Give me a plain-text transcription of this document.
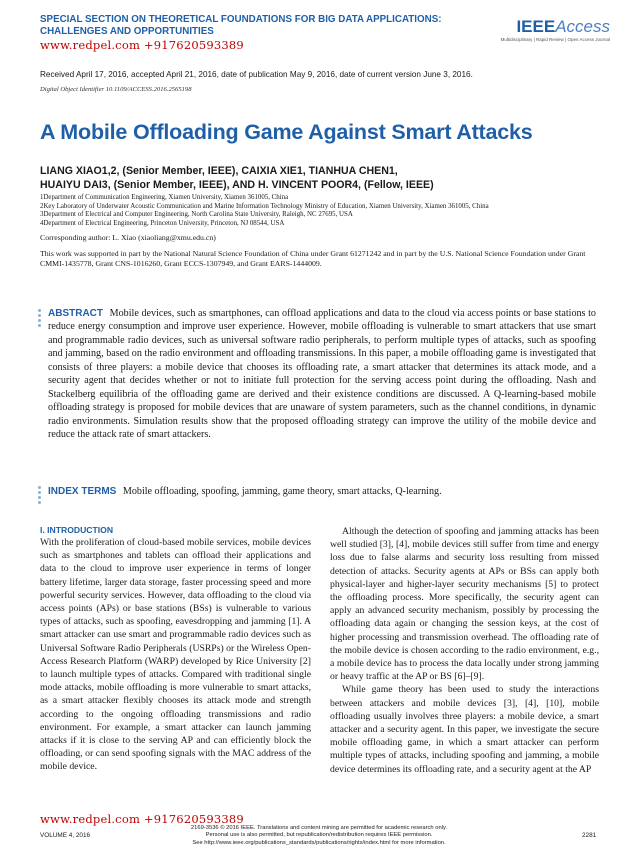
SPECIAL SECTION ON THEORETICAL FOUNDATIONS FOR BIG DATA APPLICATIONS:
CHALLENGES AND OPPORTUNITIES
www.redpel.com +917620593389
IEEEAccess
Multidisciplinary | Rapid Review | Open Access Journal
Received April 17, 2016, accepted April 21, 2016, date of publication May 9, 2016, date of current version June 3, 2016.
Digital Object Identifier 10.1109/ACCESS.2016.2565198
A Mobile Offloading Game Against Smart Attacks
LIANG XIAO1,2, (Senior Member, IEEE), CAIXIA XIE1, TIANHUA CHEN1,
HUAIYU DAI3, (Senior Member, IEEE), AND H. VINCENT POOR4, (Fellow, IEEE)
1Department of Communication Engineering, Xiamen University, Xiamen 361005, China
2Key Laboratory of Underwater Acoustic Communication and Marine Information Technology Ministry of Education, Xiamen University, Xiamen 361005, China
3Department of Electrical and Computer Engineering, North Carolina State University, Raleigh, NC 27695, USA
4Department of Electrical Engineering, Princeton University, Princeton, NJ 08544, USA
Corresponding author: L. Xiao (xiaoliang@xmu.edu.cn)
This work was supported in part by the National Natural Science Foundation of China under Grant 61271242 and in part by the U.S. National Science Foundation under Grant CMMI-1435778, Grant CNS-1016260, Grant ECCS-1307949, and Grant EARS-1444009.
ABSTRACT Mobile devices, such as smartphones, can offload applications and data to the cloud via access points or base stations to reduce energy consumption and improve user experience. However, mobile offloading is vulnerable to smart attackers that use smart and programmable radio devices, such as universal software radio peripherals, to perform multiple types of attacks, such as spoofing and jamming, based on the radio environment and offloading transmissions. In this paper, a mobile offloading game is investigated that consists of three players: a mobile device that chooses its offloading rate, a smart attacker that determines its attack mode, and a security agent that decides whether or not to initiate full protection for the serving access point during the offloading. Nash and Stackelberg equilibria of the offloading game are derived and their existence conditions are discussed. A Q-learning-based mobile offloading strategy is proposed for mobile devices that are unaware of system parameters, such as the channel conditions, in dynamic radio environments. Simulation results show that the proposed offloading strategy can improve the utility of the mobile device and reduce the attack rate of smart attackers.
INDEX TERMS Mobile offloading, spoofing, jamming, game theory, smart attacks, Q-learning.
I. INTRODUCTION

With the proliferation of cloud-based mobile services, mobile devices such as smartphones and tablets can offload their applications and data to the cloud to improve user experience in terms of longer battery lifetime, larger data storage, faster processing speed and more powerful security services. However, data offloading to the cloud via access points (APs) or base stations (BSs) is vulnerable to various types of attacks, such as spoofing, eavesdropping and jamming [1]. A smart attacker can use smart and programmable radio devices such as Universal Software Radio Peripherals (USRPs) or the Wireless Open-Access Research Platform (WARP) developed by Rice University [2] to launch multiple types of attacks. Compared with traditional single mode attacks, mobile offloading is more vulnerable to smart attacks, as a smart attacker flexibly chooses its attack mode and strength according to the ongoing offloading transmissions and radio environment. For example, a smart attacker can launch jamming attacks if it is close to the serving AP and can efficiently block the offloading, or can send spoofing signals with the MAC address of the mobile device.

Although the detection of spoofing and jamming attacks has been well studied [3], [4], mobile devices still suffer from time and energy loss due to false alarms and security loss resulting from missed detection of attacks. Security agents at APs or BSs can apply both physical-layer and higher-layer security mechanisms [5] to protect the offloading process. More specifically, the security agent can apply an advanced security mechanism, possibly by processing the offloading data again or changing the session keys, at the cost of higher processing and transmission overhead. The offloading rate of the mobile device is chosen according to the radio environment, e.g., a mobile device has to process the data locally under strong jamming or heavy traffic at the AP or BS [6]–[9].

While game theory has been used to study the interactions between attackers and mobile devices [3], [4], [10], mobile offloading usually involves three players: a mobile device, a smart attacker and a security agent. In this paper, we investigate the secure mobile offloading game, in which a smart attacker can perform multiple types of attacks, including spoofing and jamming, a mobile device determines its offloading rate, and a security agent at the AP

www.redpel.com +917620593389
VOLUME 4, 2016
2169-3536 © 2016 IEEE. Translations and content mining are permitted for academic research only.
Personal use is also permitted, but republication/redistribution requires IEEE permission.
See http://www.ieee.org/publications_standards/publications/rights/index.html for more information.
2281
